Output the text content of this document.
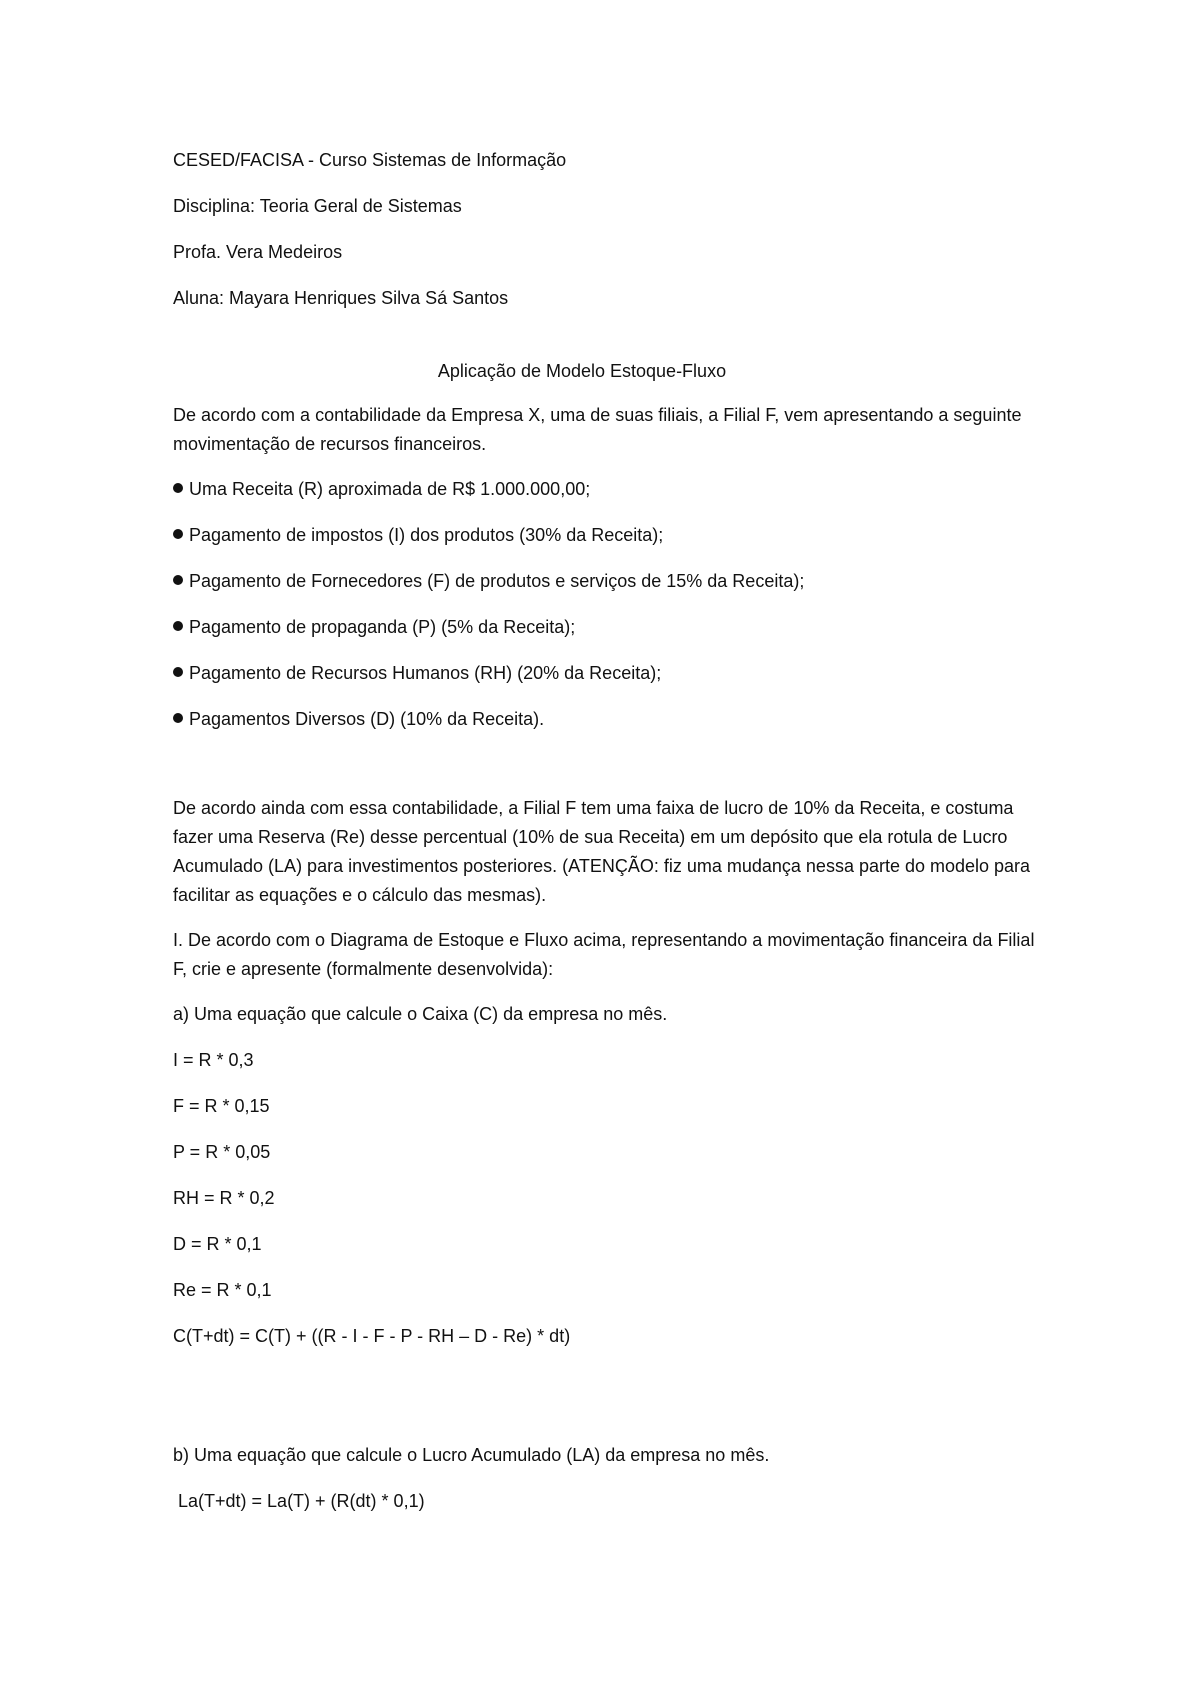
CESED/FACISA - Curso Sistemas de Informação

Disciplina: Teoria Geral de Sistemas

Profa. Vera Medeiros

Aluna: Mayara Henriques Silva Sá Santos

Aplicação de Modelo Estoque-Fluxo

De acordo com a contabilidade da Empresa X, uma de suas filiais, a Filial F, vem apresentando a seguinte movimentação de recursos financeiros.

Uma Receita (R) aproximada de R$ 1.000.000,00;

Pagamento de impostos (I) dos produtos (30% da Receita);

Pagamento de Fornecedores (F) de produtos e serviços de 15% da Receita);

Pagamento de propaganda (P) (5% da Receita);

Pagamento de Recursos Humanos (RH) (20% da Receita);

Pagamentos Diversos (D) (10% da Receita).

De acordo ainda com essa contabilidade, a Filial F tem uma faixa de lucro de 10% da Receita, e costuma fazer uma Reserva (Re) desse percentual (10% de sua Receita) em um depósito que ela rotula de Lucro Acumulado (LA) para investimentos posteriores. (ATENÇÃO: fiz uma mudança nessa parte do modelo para facilitar as equações e o cálculo das mesmas).

I. De acordo com o Diagrama de Estoque e Fluxo acima, representando a movimentação financeira da Filial F, crie e apresente (formalmente desenvolvida):

a) Uma equação que calcule o Caixa (C) da empresa no mês.

I = R * 0,3

F = R * 0,15

P = R * 0,05

RH = R * 0,2

D = R * 0,1

Re = R * 0,1

C(T+dt) = C(T) + ((R - I - F - P - RH – D - Re) * dt)

b) Uma equação que calcule o Lucro Acumulado (LA) da empresa no mês.

La(T+dt) = La(T) + (R(dt) * 0,1)
